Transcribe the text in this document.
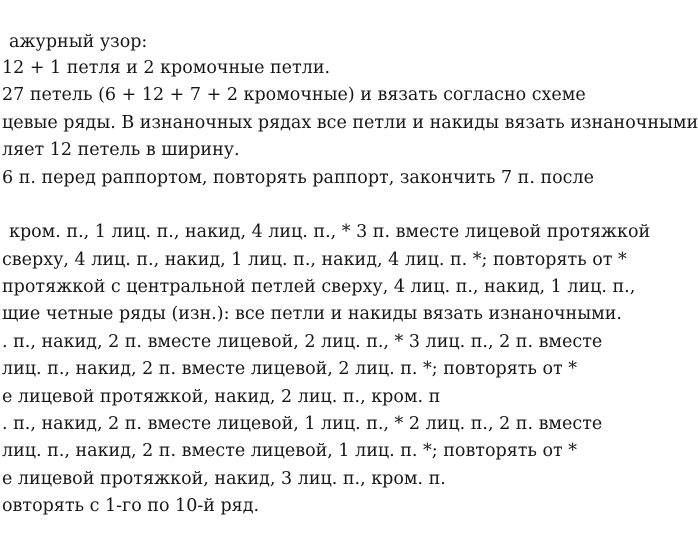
ажурный узор:
12 + 1 петля и 2 кромочные петли.
27 петель (6 + 12 + 7 + 2 кромочные) и вязать согласно схеме
цевые ряды. В изнаночных рядах все петли и накиды вязать изнаночными
ляет 12 петель в ширину.
6 п. перед раппортом, повторять раппорт, закончить 7 п. после
кром. п., 1 лиц. п., накид, 4 лиц. п., * 3 п. вместе лицевой протяжкой
сверху, 4 лиц. п., накид, 1 лиц. п., накид, 4 лиц. п. *; повторять от *
протяжкой с центральной петлей сверху, 4 лиц. п., накид, 1 лиц. п.,
щие четные ряды (изн.): все петли и накиды вязать изнаночными.
. п., накид, 2 п. вместе лицевой, 2 лиц. п., * 3 лиц. п., 2 п. вместе
лиц. п., накид, 2 п. вместе лицевой, 2 лиц. п. *; повторять от *
е лицевой протяжкой, накид, 2 лиц. п., кром. п
. п., накид, 2 п. вместе лицевой, 1 лиц. п., * 2 лиц. п., 2 п. вместе
лиц. п., накид, 2 п. вместе лицевой, 1 лиц. п. *; повторять от *
е лицевой протяжкой, накид, 3 лиц. п., кром. п.
овторять с 1-го по 10-й ряд.
